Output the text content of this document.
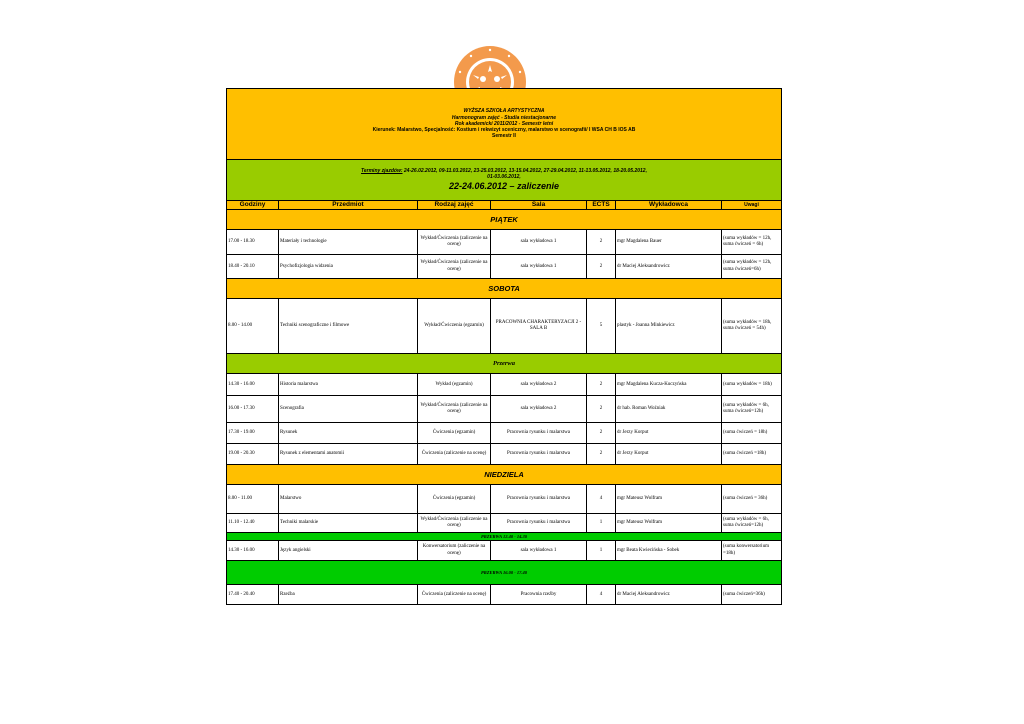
WYŻSZA SZKOŁA ARTYSTYCZNA
Harmonogram zajęć - Studia niestacjonarne
Rok akademicki 2011/2012 - Semestr letni
Kierunek: Malarstwo, Specjalność: Kostium i rekwizyt sceniczny, malarstwo w scenografii/ I WSA CH B IOS AB
Semestr II						

Terminy zjazdów: 24-26.02.2012, 09-11.03.2012, 23-25.03.2012, 13-15.04.2012, 27-29.04.2012, 11-13.05.2012, 18-20.05.2012,
01-03.06.2012,
22-24.06.2012 – zaliczenie						

Godziny	Przedmiot	Rodzaj zajęć	Sala	ECTS	Wykładowca	Uwagi
PIĄTEK						
17.00 - 18.30	Materiały i technologie	Wykład/Ćwiczenia (zaliczenie na ocenę)	sala wykładowa 1	2	mgr Magdalena Bauer	(suma wykładów = 12h, suma ćwiczeń = 6h)
18.40 - 20.10	Psychofizjologia widzenia	Wykład/Ćwiczenia (zaliczenie na ocenę)	sala wykładowa 1	2	dr Maciej Aleksandrowicz	(suma wykładów = 12h, suma ćwiczeń=6h)
SOBOTA						
8.00 - 14.00	Techniki scenograficzne i filmowe	Wykład/Ćwiczenia (egzamin)	PRACOWNIA CHARAKTERYZACJI 2 - SALA B	5	plastyk - Joanna Minkiewicz	(suma wykładów = 18h, suma ćwiczeń = 54h)
Przerwa						
14.30 - 16.00	Historia malarstwa	Wykład (egzamin)	sala wykładowa 2	2	mgr Magdalena Kucza-Kuczyńska	(suma wykładów = 18h)
16.00 - 17.30	Scenografia	Wykład/Ćwiczenia (zaliczenie na ocenę)	sala wykładowa 2	2	dr hab. Roman Woźniak	(suma wykładów = 6h, suma ćwiczeń=12h)
17.30 - 19.00	Rysunek	Ćwiczenia (egzamin)	Pracownia rysunku i malarstwa	2	dr Jerzy Korput	(suma ćwiczeń = 18h)
19.00 - 20.30	Rysunek z elementami anatomii	Ćwiczenia (zaliczenie na ocenę)	Pracownia rysunku i malarstwa	2	dr Jerzy Korput	(suma ćwiczeń =18h)
NIEDZIELA						
8.00 - 11.00	Malarstwo	Ćwiczenia (egzamin)	Pracownia rysunku i malarstwa	4	mgr Mateusz Wolfram	(suma ćwiczeń = 36h)
11.10 - 12.40	Techniki malarskie	Wykład/Ćwiczenia (zaliczenie na ocenę)	Pracownia rysunku i malarstwa	1	mgr Mateusz Wolfram	(suma wykładów = 6h, suma ćwiczeń=12h)
PRZERWA 12.40 - 14.30						
14.30 - 16.00	Język angielski	Konwersatorium (zaliczenie na ocenę)	sala wykładowa 1	1	mgr Beata Kwiecińska - Sobek	(suma konwersatorium =18h)
PRZERWA 16.00 - 17.40						
17.40 - 20.40	Rzeźba	Ćwiczenia (zaliczenie na ocenę)	Pracownia rzeźby	4	dr Maciej Aleksandrowicz	(suma ćwiczeń=36h)
